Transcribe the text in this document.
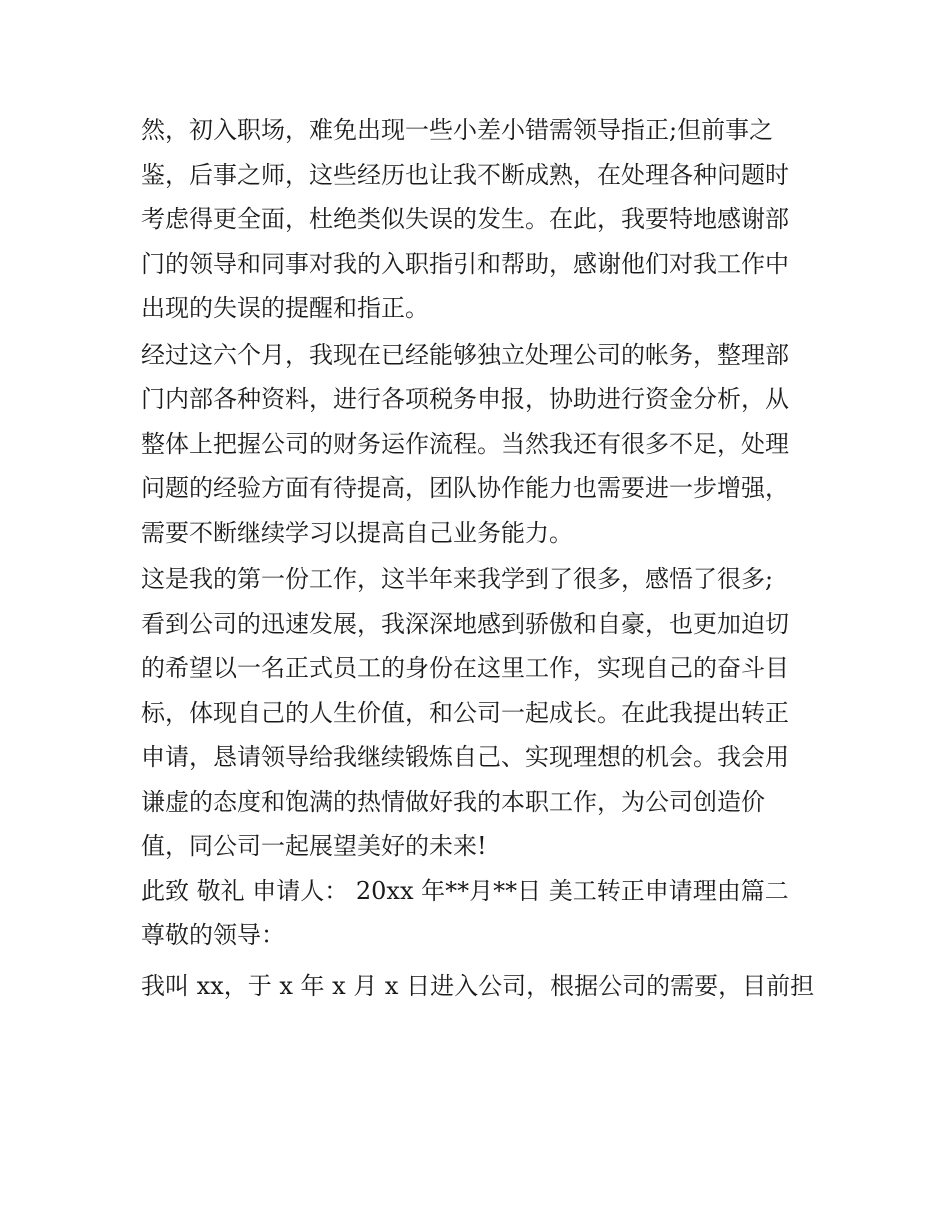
然，初入职场，难免出现一些小差小错需领导指正;但前事之
鉴，后事之师，这些经历也让我不断成熟，在处理各种问题时
考虑得更全面，杜绝类似失误的发生。在此，我要特地感谢部
门的领导和同事对我的入职指引和帮助，感谢他们对我工作中
出现的失误的提醒和指正。
经过这六个月，我现在已经能够独立处理公司的帐务，整理部
门内部各种资料，进行各项税务申报，协助进行资金分析，从
整体上把握公司的财务运作流程。当然我还有很多不足，处理
问题的经验方面有待提高，团队协作能力也需要进一步增强，
需要不断继续学习以提高自己业务能力。
这是我的第一份工作，这半年来我学到了很多，感悟了很多;
看到公司的迅速发展，我深深地感到骄傲和自豪，也更加迫切
的希望以一名正式员工的身份在这里工作，实现自己的奋斗目
标，体现自己的人生价值，和公司一起成长。在此我提出转正
申请，恳请领导给我继续锻炼自己、实现理想的机会。我会用
谦虚的态度和饱满的热情做好我的本职工作，为公司创造价
值，同公司一起展望美好的未来!
此致 敬礼 申请人： 20xx 年**月**日 美工转正申请理由篇二
尊敬的领导：
我叫 xx，于 x 年 x 月 x 日进入公司，根据公司的需要，目前担
